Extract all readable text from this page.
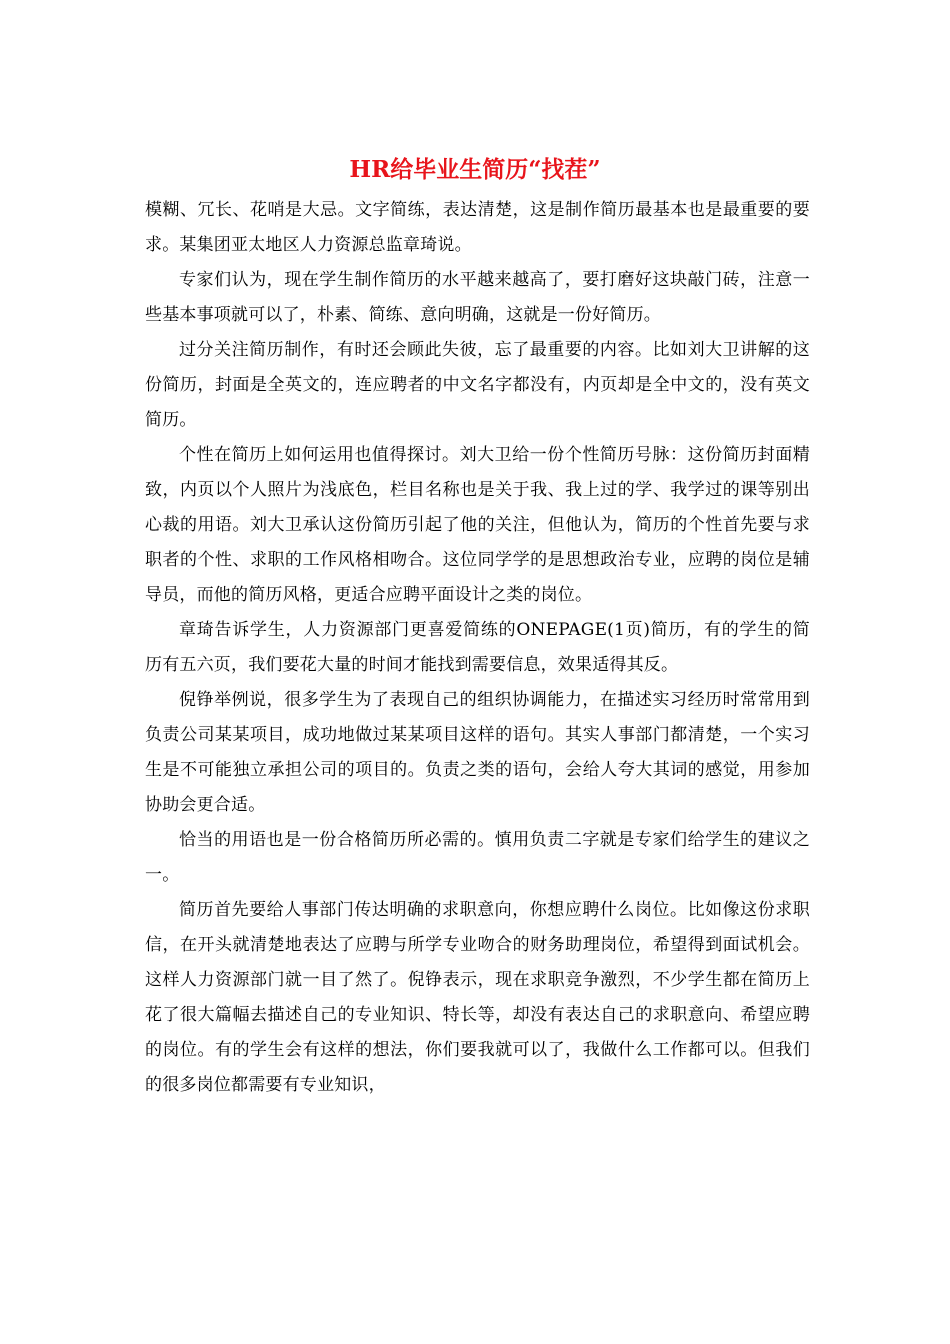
HR给毕业生简历“找茬”

模糊、冗长、花哨是大忌。文字简练，表达清楚，这是制作简历最基本也是最重要的要求。某集团亚太地区人力资源总监章琦说。

专家们认为，现在学生制作简历的水平越来越高了，要打磨好这块敲门砖，注意一些基本事项就可以了，朴素、简练、意向明确，这就是一份好简历。

过分关注简历制作，有时还会顾此失彼，忘了最重要的内容。比如刘大卫讲解的这份简历，封面是全英文的，连应聘者的中文名字都没有，内页却是全中文的，没有英文简历。

个性在简历上如何运用也值得探讨。刘大卫给一份个性简历号脉：这份简历封面精致，内页以个人照片为浅底色，栏目名称也是关于我、我上过的学、我学过的课等别出心裁的用语。刘大卫承认这份简历引起了他的关注，但他认为，简历的个性首先要与求职者的个性、求职的工作风格相吻合。这位同学学的是思想政治专业，应聘的岗位是辅导员，而他的简历风格，更适合应聘平面设计之类的岗位。

章琦告诉学生，人力资源部门更喜爱简练的ONEPAGE(1页)简历，有的学生的简历有五六页，我们要花大量的时间才能找到需要信息，效果适得其反。

倪铮举例说，很多学生为了表现自己的组织协调能力，在描述实习经历时常常用到负责公司某某项目，成功地做过某某项目这样的语句。其实人事部门都清楚，一个实习生是不可能独立承担公司的项目的。负责之类的语句，会给人夸大其词的感觉，用参加协助会更合适。

恰当的用语也是一份合格简历所必需的。慎用负责二字就是专家们给学生的建议之一。

简历首先要给人事部门传达明确的求职意向，你想应聘什么岗位。比如像这份求职信，在开头就清楚地表达了应聘与所学专业吻合的财务助理岗位，希望得到面试机会。这样人力资源部门就一目了然了。倪铮表示，现在求职竞争激烈，不少学生都在简历上花了很大篇幅去描述自己的专业知识、特长等，却没有表达自己的求职意向、希望应聘的岗位。有的学生会有这样的想法，你们要我就可以了，我做什么工作都可以。但我们的很多岗位都需要有专业知识，
